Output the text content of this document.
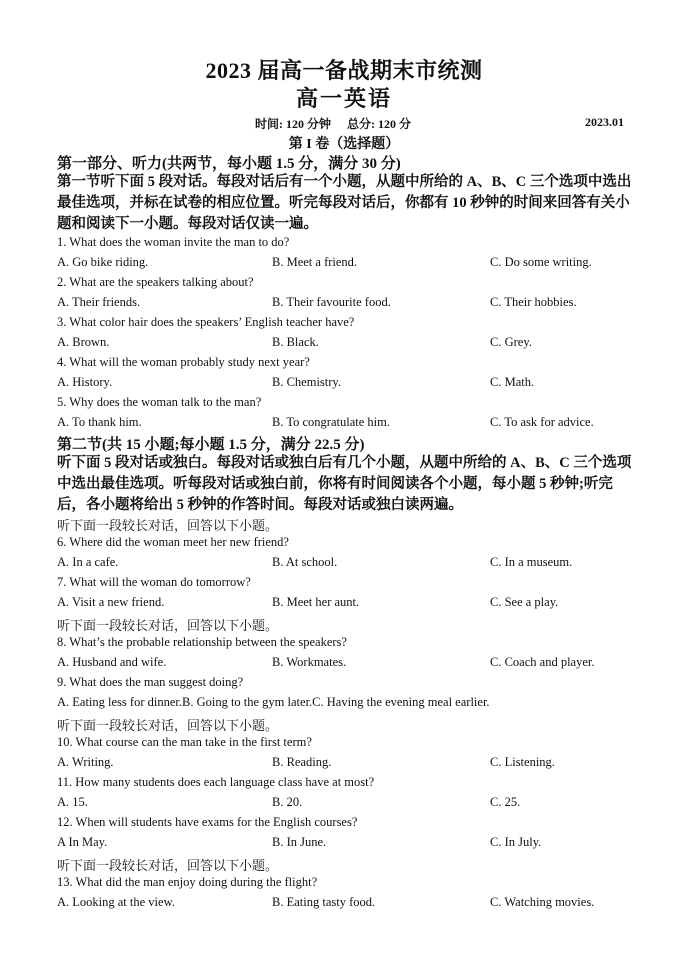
2023 届高一备战期末市统测
高一英语
时间: 120 分钟 总分: 120 分	2023.01
第 I 卷（选择题）
第一部分、听力(共两节，每小题 1.5 分，满分 30 分)
第一节听下面 5 段对话。每段对话后有一个小题，从题中所给的 A、B、C 三个选项中选出最佳选项，并标在试卷的相应位置。听完每段对话后，你都有 10 秒钟的时间来回答有关小题和阅读下一小题。每段对话仅读一遍。
1. What does the woman invite the man to do?
A. Go bike riding.	B. Meet a friend.	C. Do some writing.
2. What are the speakers talking about?
A. Their friends.	B. Their favourite food.	C. Their hobbies.
3. What color hair does the speakers’ English teacher have?
A. Brown.	B. Black.	C. Grey.
4. What will the woman probably study next year?
A. History.	B. Chemistry.	C. Math.
5. Why does the woman talk to the man?
A. To thank him.	B. To congratulate him.	C. To ask for advice.
第二节(共 15 小题;每小题 1.5 分，满分 22.5 分)
听下面 5 段对话或独白。每段对话或独白后有几个小题，从题中所给的 A、B、C 三个选项中选出最佳选项。听每段对话或独白前，你将有时间阅读各个小题，每小题 5 秒钟;听完后，各小题将给出 5 秒钟的作答时间。每段对话或独白读两遍。
听下面一段较长对话，回答以下小题。
6. Where did the woman meet her new friend?
A. In a cafe.	B. At school.	C. In a museum.
7. What will the woman do tomorrow?
A. Visit a new friend.	B. Meet her aunt.	C. See a play.
听下面一段较长对话，回答以下小题。
8. What’s the probable relationship between the speakers?
A. Husband and wife.	B. Workmates.	C. Coach and player.
9. What does the man suggest doing?
A. Eating less for dinner.B. Going to the gym later.C. Having the evening meal earlier.
听下面一段较长对话，回答以下小题。
10. What course can the man take in the first term?
A. Writing.	B. Reading.	C. Listening.
11. How many students does each language class have at most?
A. 15.	B. 20.	C. 25.
12. When will students have exams for the English courses?
A In May.	B. In June.	C. In July.
听下面一段较长对话，回答以下小题。
13. What did the man enjoy doing during the flight?
A. Looking at the view.	B. Eating tasty food.	C. Watching movies.
